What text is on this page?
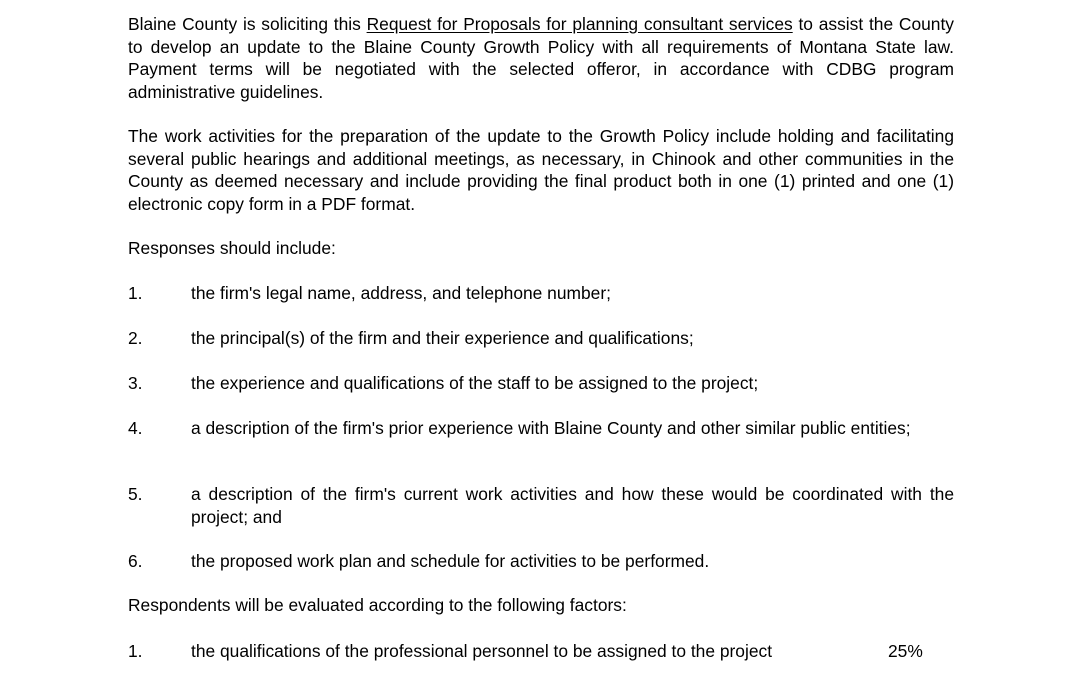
Blaine County is soliciting this Request for Proposals for planning consultant services to assist the County to develop an update to the Blaine County Growth Policy with all requirements of Montana State law. Payment terms will be negotiated with the selected offeror, in accordance with CDBG program administrative guidelines.

The work activities for the preparation of the update to the Growth Policy include holding and facilitating several public hearings and additional meetings, as necessary, in Chinook and other communities in the County as deemed necessary and include providing the final product both in one (1) printed and one (1) electronic copy form in a PDF format.

Responses should include:

1.	the firm's legal name, address, and telephone number;
2.	the principal(s) of the firm and their experience and qualifications;
3.	the experience and qualifications of the staff to be assigned to the project;
4.	a description of the firm's prior experience with Blaine County and other similar public entities;
5.	a description of the firm's current work activities and how these would be coordinated with the project; and
6.	the proposed work plan and schedule for activities to be performed.

Respondents will be evaluated according to the following factors:

1.	the qualifications of the professional personnel to be assigned to the project	25%
